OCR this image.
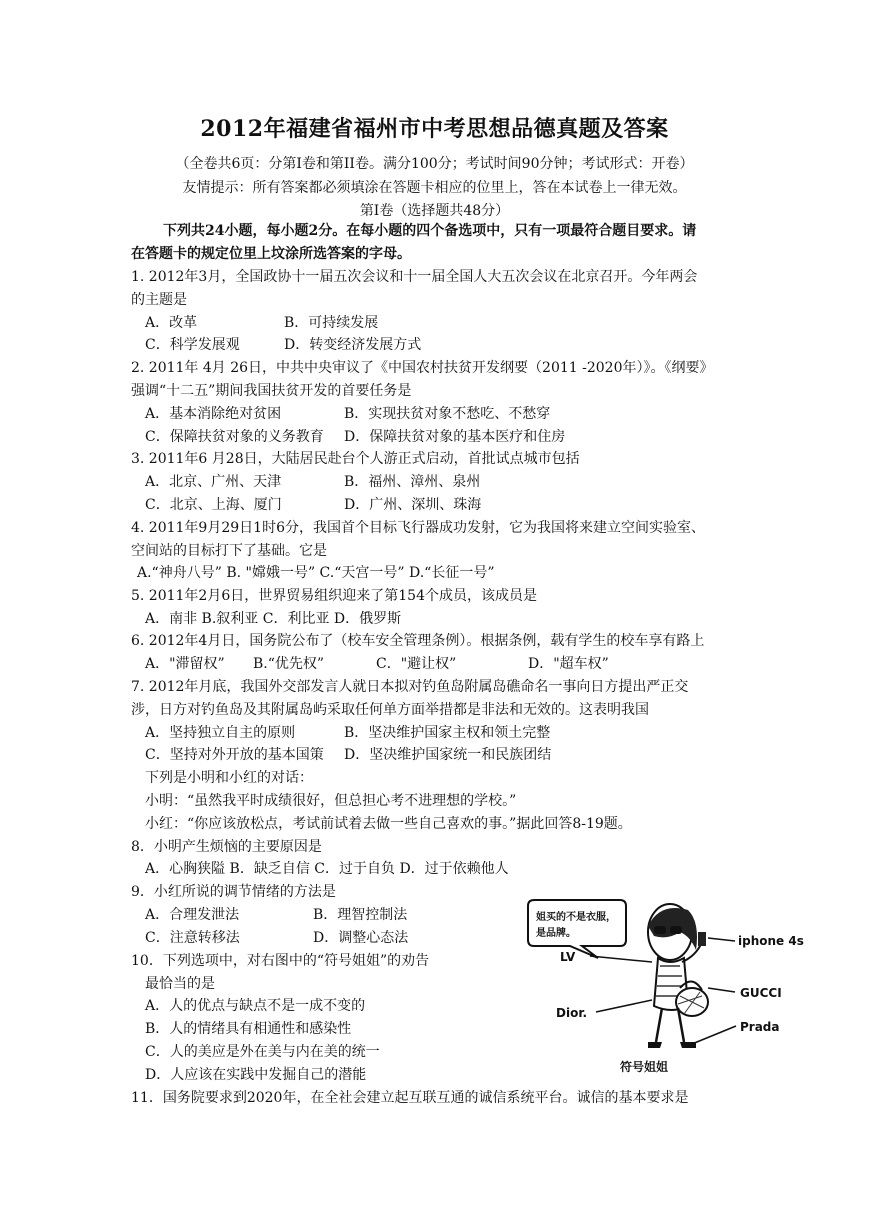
2012年福建省福州市中考思想品德真题及答案
（全卷共6页：分第I卷和第II卷。满分100分；考试时间90分钟；考试形式：开卷）
友情提示：所有答案都必须填涂在答题卡相应的位里上，答在本试卷上一律无效。
第I卷（选择题共48分）
下列共24小题，每小题2分。在每小题的四个备选项中，只有一项最符合题目要求。请
在答题卡的规定位里上坟涂所选答案的字母。
1. 2012年3月，全国政协十一届五次会议和十一届全国人大五次会议在北京召开。今年两会
的主题是
A．改革	B．可持续发展
C．科学发展观	D．转变经济发展方式
2. 2011年 4月 26日，中共中央审议了《中国农村扶贫开发纲要（2011 -2020年）》。《纲要》
强调“十二五”期间我国扶贫开发的首要任务是
A．基本消除绝对贫困	B．实现扶贫对象不愁吃、不愁穿
C．保障扶贫对象的义务教育 D．保障扶贫对象的基本医疗和住房
3. 2011年6 月28日，大陆居民赴台个人游正式启动，首批试点城市包括
A．北京、广州、天津	B．福州、漳州、泉州
C．北京、上海、厦门	D．广州、深圳、珠海
4. 2011年9月29日1时6分，我国首个目标飞行器成功发射，它为我国将来建立空间实验室、
空间站的目标打下了基础。它是
A.“神舟八号” B. "嫦娥一号” C.“天宫一号” D.“长征一号”
5. 2011年2月6日，世界贸易组织迎来了第154个成员，该成员是
A．南非 B.叙利亚 C．利比亚 D．俄罗斯
6. 2012年4月日，国务院公布了（校车安全管理条例）。根据条例，载有学生的校车享有路上
A．"滞留权” B.“优先权”	C．"避让权”	D．"超车权”
7. 2012年月底，我国外交部发言人就日本拟对钓鱼岛附属岛礁命名一事向日方提出严正交
涉，日方对钓鱼岛及其附属岛屿采取任何单方面举措都是非法和无效的。这表明我国
A．坚持独立自主的原则	B．坚决维护国家主权和领土完整
C．坚持对外开放的基本国策 D．坚决维护国家统一和民族团结
下列是小明和小红的对话：
小明：“虽然我平时成绩很好，但总担心考不进理想的学校。”
小红：“你应该放松点，考试前试着去做一些自己喜欢的事。”据此回答8-19题。
8．小明产生烦恼的主要原因是
A．心胸狭隘 B．缺乏自信 C．过于自负 D．过于依赖他人
9．小红所说的调节情绪的方法是
A．合理发泄法	B．理智控制法
C．注意转移法	D．调整心态法
10．下列选项中，对右图中的“符号姐姐”的劝告
最恰当的是
A．人的优点与缺点不是一成不变的
B．人的情绪具有相通性和感染性
C．人的美应是外在美与内在美的统一
D．人应该在实践中发掘自己的潜能
11．国务院要求到2020年，在全社会建立起互联互通的诚信系统平台。诚信的基本要求是
姐买的不是衣服，
是品牌。
iphone 4s
LV
GUCCI
Dior.
Prada
符号姐姐
